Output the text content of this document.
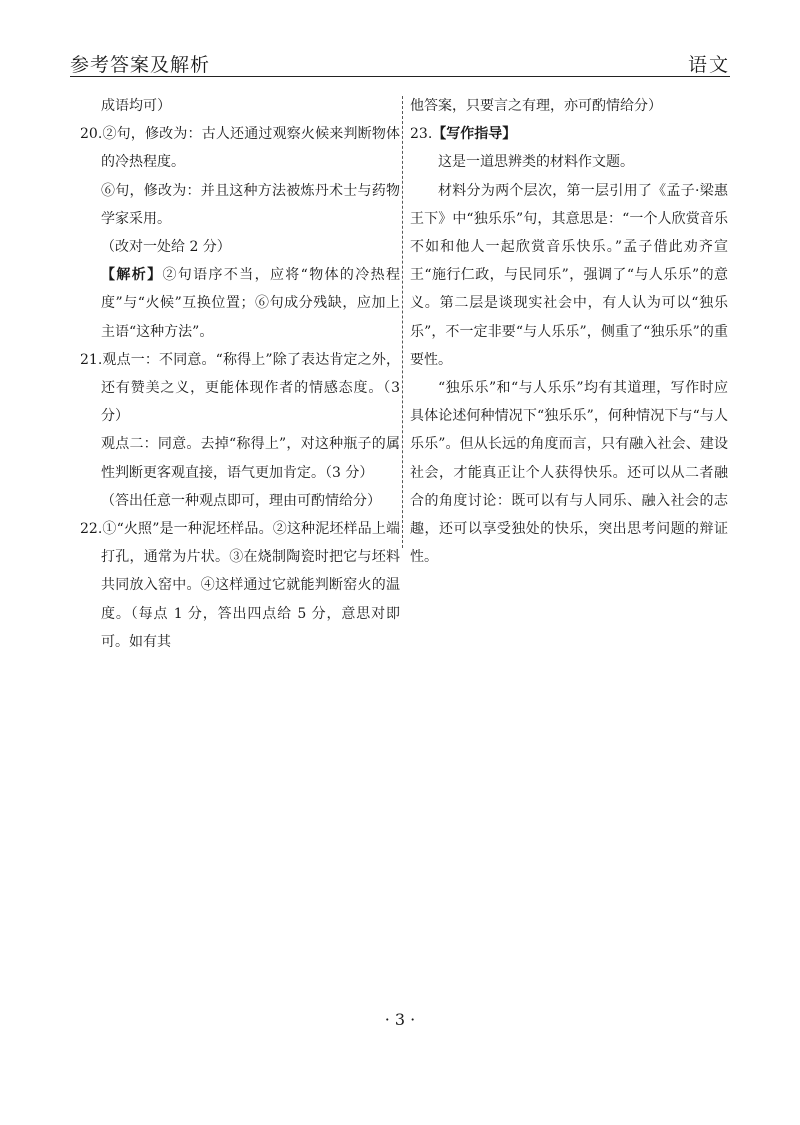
参考答案及解析	语文

成语均可）

20.②句，修改为：古人还通过观察火候来判断物体的冷热程度。

⑥句，修改为：并且这种方法被炼丹术士与药物学家采用。

（改对一处给 2 分）

【解析】②句语序不当，应将“物体的冷热程度”与“火候”互换位置；⑥句成分残缺，应加上主语“这种方法”。

21.观点一：不同意。“称得上”除了表达肯定之外，还有赞美之义，更能体现作者的情感态度。（3 分）

观点二：同意。去掉“称得上”，对这种瓶子的属性判断更客观直接，语气更加肯定。（3 分）

（答出任意一种观点即可，理由可酌情给分）

22.①“火照”是一种泥坯样品。②这种泥坯样品上端打孔，通常为片状。③在烧制陶瓷时把它与坯料共同放入窑中。④这样通过它就能判断窑火的温度。（每点 1 分，答出四点给 5 分，意思对即可。如有其

他答案，只要言之有理，亦可酌情给分）

23.【写作指导】

这是一道思辨类的材料作文题。

材料分为两个层次，第一层引用了《孟子·梁惠王下》中“独乐乐”句，其意思是：“一个人欣赏音乐不如和他人一起欣赏音乐快乐。”孟子借此劝齐宣王“施行仁政，与民同乐”，强调了“与人乐乐”的意义。第二层是谈现实社会中，有人认为可以“独乐乐”，不一定非要“与人乐乐”，侧重了“独乐乐”的重要性。

“独乐乐”和“与人乐乐”均有其道理，写作时应具体论述何种情况下“独乐乐”，何种情况下与“与人乐乐”。但从长远的角度而言，只有融入社会、建设社会，才能真正让个人获得快乐。还可以从二者融合的角度讨论：既可以有与人同乐、融入社会的志趣，还可以享受独处的快乐，突出思考问题的辩证性。

· 3 ·
